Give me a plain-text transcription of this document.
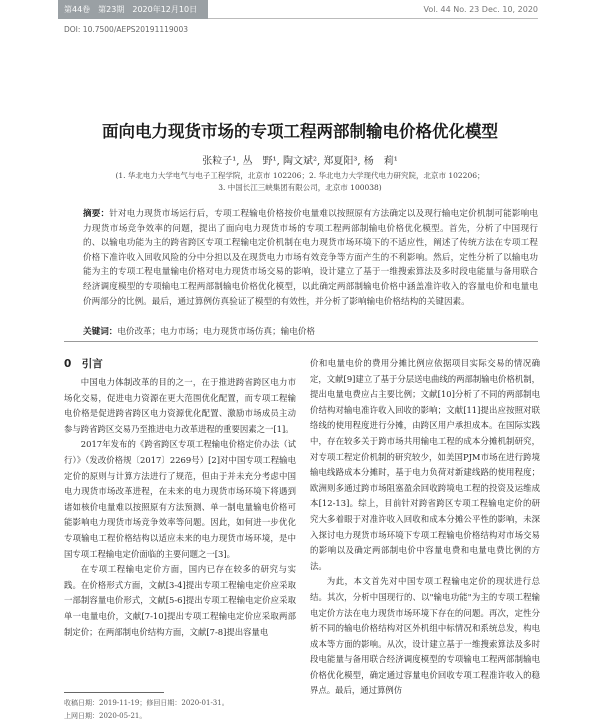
第44卷　第23期　2020年12月10日	Vol. 44 No. 23 Dec. 10, 2020
DOI: 10.7500/AEPS20191119003
面向电力现货市场的专项工程两部制输电价格优化模型
张粒子¹, 丛　野¹, 陶文斌², 郑夏阳³, 杨　莉¹
(1. 华北电力大学电气与电子工程学院，北京市 102206；2. 华北电力大学现代电力研究院，北京市 102206；
3. 中国长江三峡集团有限公司，北京市 100038)
摘要：针对电力现货市场运行后，专项工程输电价格按价电量难以按照原有方法确定以及现行输电定价机制可能影响电力现货市场竞争效率的问题，提出了面向电力现货市场的专项工程两部制输电价格优化模型。首先，分析了中国现行的、以输电功能为主的跨省跨区专项工程输电定价机制在电力现货市场环境下的不适应性，阐述了传统方法在专项工程价格下准许收入回收风险的分中分担以及在现货电力市场有效竞争等方面产生的不利影响。然后，定性分析了以输电功能为主的专项工程电量输电价格对电力现货市场交易的影响，设计建立了基于一维搜索算法及多时段电能量与备用联合经济调度模型的专项输电工程两部制输电价格优化模型，以此确定两部制输电价格中涵盖准许收入的容量电价和电量电价两部分的比例。最后，通过算例仿真验证了模型的有效性，并分析了影响输电价格结构的关键因素。
关键词：电价改革；电力市场；电力现货市场仿真；输电价格
0　引言

中国电力体制改革的目的之一，在于推进跨省跨区电力市场化交易，促进电力资源在更大范围优化配置，而专项工程输电价格是促进跨省跨区电力资源优化配置、激励市场成员主动参与跨省跨区交易乃至推进电力改革进程的重要因素之一[1]。

2017年发布的《跨省跨区专项工程输电价格定价办法（试行）》（发改价格规〔2017〕2269号）[2]对中国专项工程输电定价的原则与计算方法进行了规范，但由于并未充分考虑中国电力现货市场改革进程，在未来的电力现货市场环境下将遇到诸如核价电量难以按照原有方法预测、单一制电量输电价格可能影响电力现货市场竞争效率等问题。因此，如何进一步优化专项输电工程价格结构以适应未来的电力现货市场环境，是中国专项工程输电定价面临的主要问题之一[3]。

在专项工程输电定价方面，国内已存在较多的研究与实践。在价格形式方面，文献[3-4]提出专项工程输电定价应采取一部制容量电价形式，文献[5-6]提出专项工程输电定价应采取单一电量电价，文献[7-10]提出专项工程输电定价应采取两部制定价；在两部制电价结构方面，文献[7-8]提出容量电

价和电量电价的费用分摊比例应依据项目实际交易的情况确定，文献[9]建立了基于分层送电曲线的两部制输电价格机制，提出电量电费应占主要比例；文献[10]分析了不同的两部制电价结构对输电准许收入回收的影响；文献[11]提出应按照对联络线的使用程度进行分摊，由跨区用户承担成本。在国际实践中，存在较多关于跨市场共用输电工程的成本分摊机制研究，对专项工程定价机制的研究较少，如美国PJM市场在进行跨境输电线路成本分摊时，基于电力负荷对新建线路的使用程度；欧洲则多通过跨市场阻塞盈余回收跨境电工程的投资及运维成本[12-13]。综上，目前针对跨省跨区专项工程输电定价的研究大多着眼于对准许收入回收和成本分摊公平性的影响，未深入探讨电力现货市场环境下专项工程输电价格结构对市场交易的影响以及确定两部制电价中容量电费和电量电费比例的方法。

为此，本文首先对中国专项工程输电定价的现状进行总结。其次，分析中国现行的、以"输电功能"为主的专项工程输电定价方法在电力现货市场环境下存在的问题。再次，定性分析不同的输电价格结构对区外机组中标情况和系统总发，构电成本等方面的影响。从次，设计建立基于一维搜索算法及多时段电能量与备用联合经济调度模型的专项输电工程两部制输电价格优化模型，确定通过容量电价回收专项工程准许收入的稳界点。最后，通过算例仿

收稿日期：2019-11-19；修回日期：2020-01-31。
上网日期：2020-05-21。
